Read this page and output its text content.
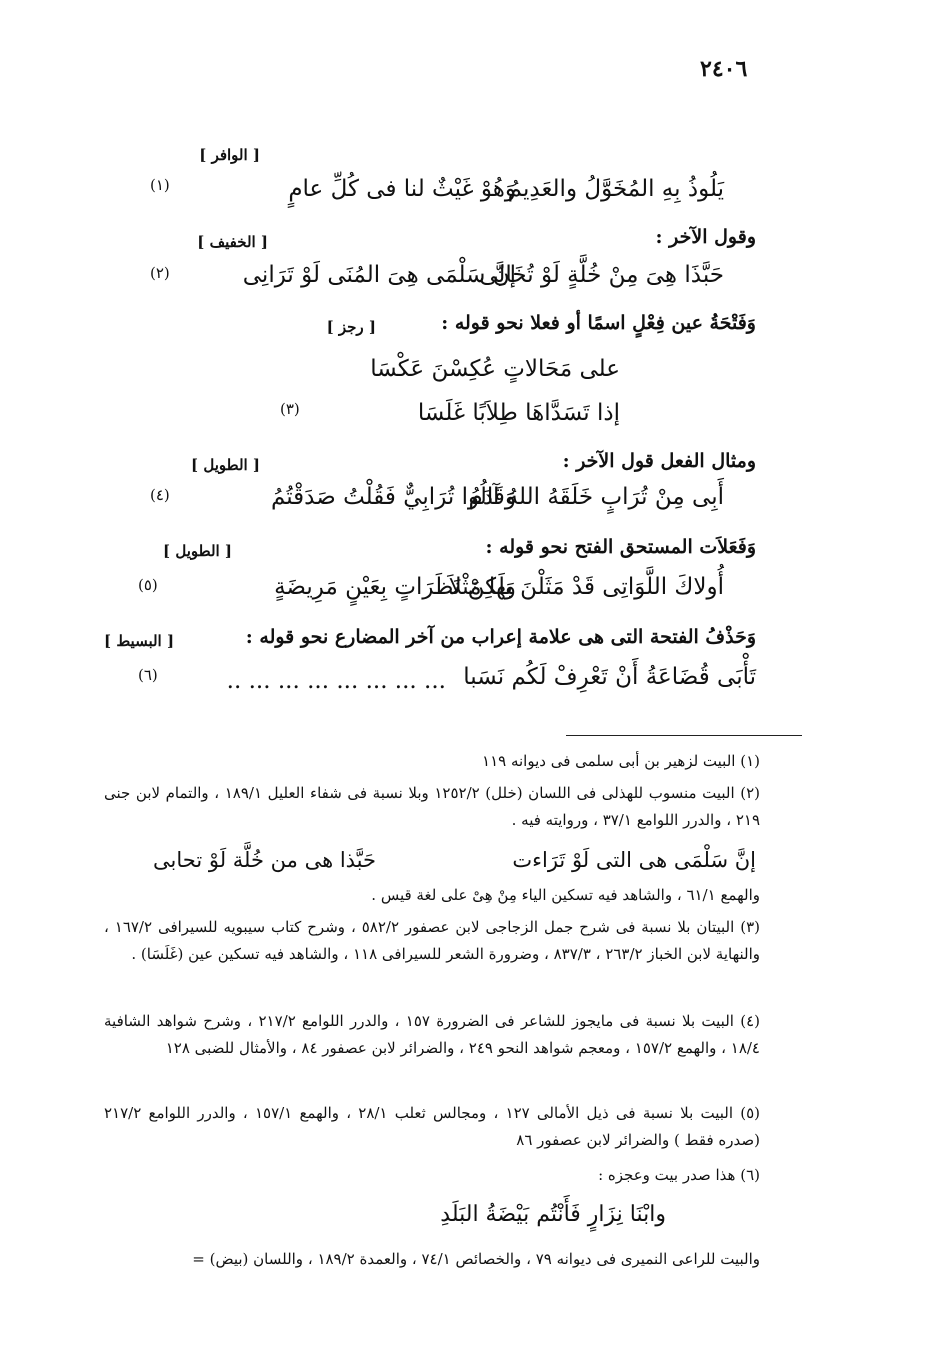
٢٤٠٦
[ الوافر ]
وَهُوْ غَيْثٌ لنا فى كُلِّ عامٍ
يَلُوذُ بِهِ المُخَوَّلُ والعَدِيمُ
(١)
وقول الآخر :
[ الخفيف ]
إنَّ سَلْمَى هِىَ المُنَى لَوْ تَرَانِى
حَبَّذَا هِىَ مِنْ خُلَّةٍ لَوْ تُخَالِى
(٢)
وَفَتْحَةُ عين فِعْلٍ اسمًا أو فعلا نحو قوله :
[ رجز ]
على مَحَالاتٍ عُكِسْنَ عَكْسَا
إذا تَسَدَّاهَا طِلاَبًا غَلَسَا
(٣)
ومثال الفعل قول الآخر :
[ الطويل ]
وَقَالُوا تُرَابِيٌّ فَقُلْتُ صَدَقْتُمُ
أَبِى مِنْ تُرَابٍ خَلَقَهُ اللهُ آدَمُ
(٤)
وَفَعَلاَت المستحق الفتح نحو قوله :
[ الطويل ]
وَلَكِنْ نَظَرَاتٍ بِعَيْنٍ مَرِيضَةٍ
أُولاكَ اللَّوَاتِى قَدْ مَثَلْنَ بها مَثْلاَ
(٥)
وَحَذْفُ الفتحة التى هى علامة إعراب من آخر المضارع نحو قوله :
[ البسيط ]
تَأْبَى قُضَاعَةُ أَنْ تَعْرِفْ لَكُم نَسَبا
... ... ... ... ... ... ... ..
(٦)
(١) البيت لزهير بن أبى سلمى فى ديوانه ١١٩
(٢) البيت منسوب للهذلى فى اللسان (خلل) ١٢٥٢/٢ وبلا نسبة فى شفاء العليل ١٨٩/١ ، والتمام لابن جنى ٢١٩ ، والدرر اللوامع ٣٧/١ ، وروايته فيه .
إنَّ سَلْمَى هى التى لَوْ تَرَاءت
حَبَّذا هى من خُلَّة لَوْ تحابى
والهمع ٦١/١ ، والشاهد فيه تسكين الياء مِنْ هِىْ على لغة قيس .
(٣) البيتان بلا نسبة فى شرح جمل الزجاجى لابن عصفور ٥٨٢/٢ ، وشرح كتاب سيبويه للسيرافى ١٦٧/٢ ، والنهاية لابن الخباز ٢٦٣/٢ ، ٨٣٧/٣ ، وضرورة الشعر للسيرافى ١١٨ ، والشاهد فيه تسكين عين (غَلَسَا) .
(٤) البيت بلا نسبة فى مايجوز للشاعر فى الضرورة ١٥٧ ، والدرر اللوامع ٢١٧/٢ ، وشرح شواهد الشافية ١٨/٤ ، والهمع ١٥٧/٢ ، ومعجم شواهد النحو ٢٤٩ ، والضرائر لابن عصفور ٨٤ ، والأمثال للضبى ١٢٨
(٥) البيت بلا نسبة فى ذيل الأمالى ١٢٧ ، ومجالس ثعلب ٢٨/١ ، والهمع ١٥٧/١ ، والدرر اللوامع ٢١٧/٢ (صدره فقط ) والضرائر لابن عصفور ٨٦
(٦) هذا صدر بيت وعجزه :
وابْنَا نِزَارٍ فَأَنْتُم بَيْضَةُ البَلَدِ
والبيت للراعى النميرى فى ديوانه ٧٩ ، والخصائص ٧٤/١ ، والعمدة ١٨٩/٢ ، واللسان (بيض) =
